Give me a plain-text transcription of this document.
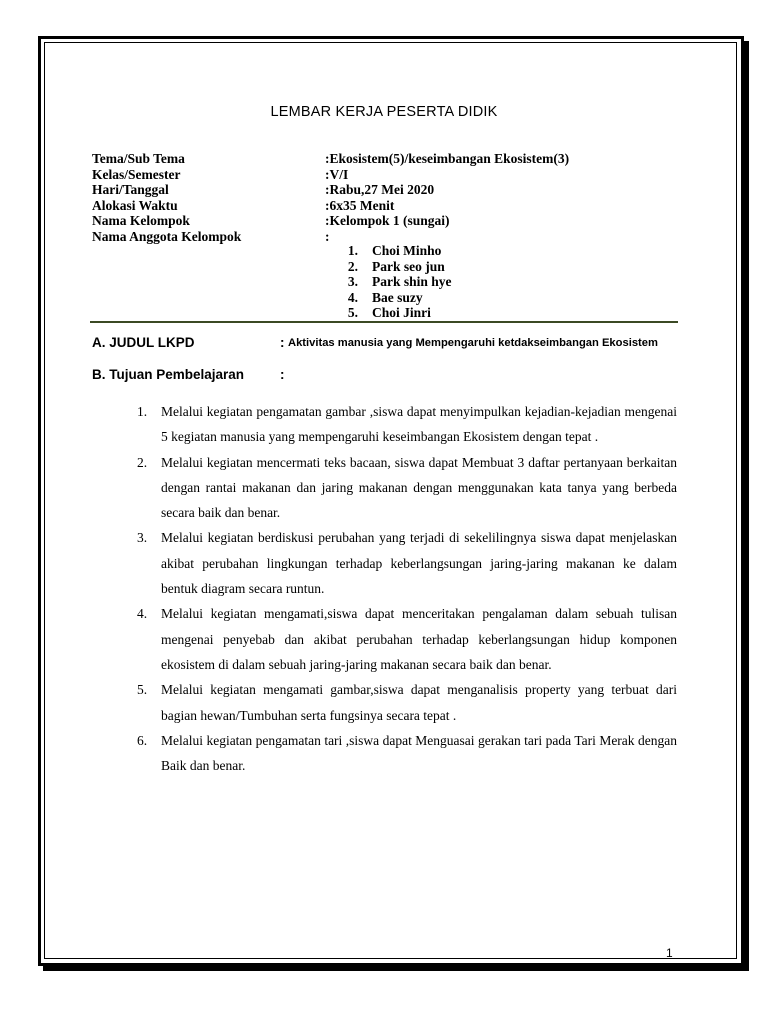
LEMBAR KERJA PESERTA DIDIK
Tema/Sub Tema	:Ekosistem(5)/keseimbangan Ekosistem(3)
Kelas/Semester	:V/I
Hari/Tanggal	:Rabu,27 Mei 2020
Alokasi Waktu	:6x35 Menit
Nama Kelompok	:Kelompok 1 (sungai)
Nama Anggota Kelompok	:
1. Choi Minho
2. Park seo jun
3. Park shin hye
4. Bae suzy
5. Choi Jinri
A. JUDUL LKPD	: Aktivitas manusia yang Mempengaruhi ketdakseimbangan Ekosistem
B. Tujuan Pembelajaran	:
1. Melalui kegiatan pengamatan gambar ,siswa dapat menyimpulkan kejadian-kejadian mengenai 5 kegiatan manusia yang mempengaruhi keseimbangan Ekosistem dengan tepat .
2. Melalui kegiatan mencermati teks bacaan, siswa dapat Membuat 3 daftar pertanyaan berkaitan dengan rantai makanan dan jaring makanan dengan menggunakan kata tanya yang berbeda secara baik dan benar.
3. Melalui kegiatan berdiskusi perubahan yang terjadi di sekelilingnya siswa dapat menjelaskan akibat perubahan lingkungan terhadap keberlangsungan jaring-jaring makanan ke dalam bentuk diagram secara runtun.
4. Melalui kegiatan mengamati,siswa dapat menceritakan pengalaman dalam sebuah tulisan mengenai penyebab dan akibat perubahan terhadap keberlangsungan hidup komponen ekosistem di dalam sebuah jaring-jaring makanan secara baik dan benar.
5. Melalui kegiatan mengamati gambar,siswa dapat menganalisis property yang terbuat dari bagian hewan/Tumbuhan serta fungsinya secara tepat .
6. Melalui kegiatan pengamatan tari ,siswa dapat Menguasai gerakan tari pada Tari Merak dengan Baik dan benar.
1
